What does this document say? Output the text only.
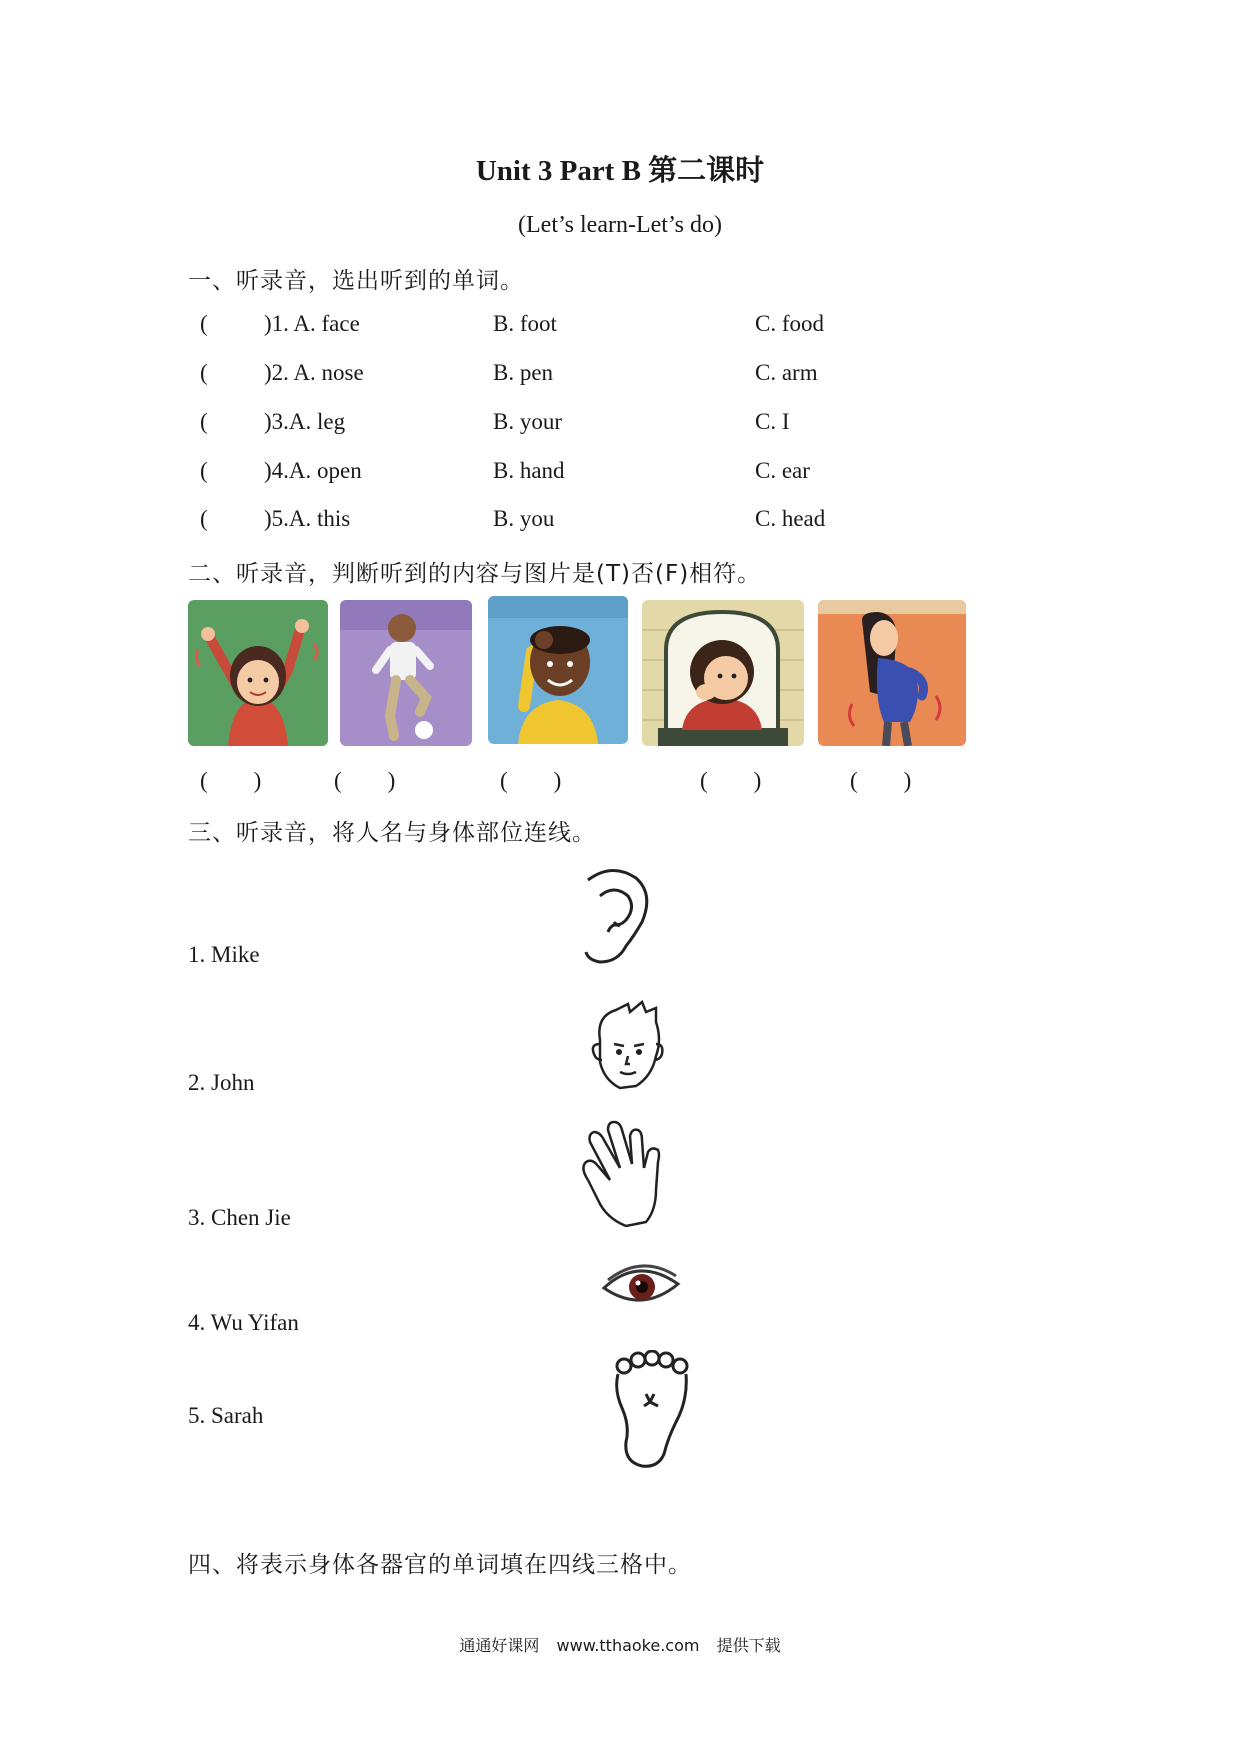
Unit 3 Part B 第二课时
(Let’s learn-Let’s do)
一、听录音，选出听到的单词。
( )1. A. face	B. foot	C. food
( )2. A. nose	B. pen	C. arm
( )3.A. leg	B. your	C. I
( )4.A. open	B. hand	C. ear
( )5.A. this	B. you	C. head
二、听录音，判断听到的内容与图片是(T)否(F)相符。
(　　)	(　　)	(　　)	(　　)	(　　)
三、听录音，将人名与身体部位连线。
1. Mike
2. John
3. Chen Jie
4. Wu Yifan
5. Sarah
四、将表示身体各器官的单词填在四线三格中。
通通好课网 www.tthaoke.com 提供下载
